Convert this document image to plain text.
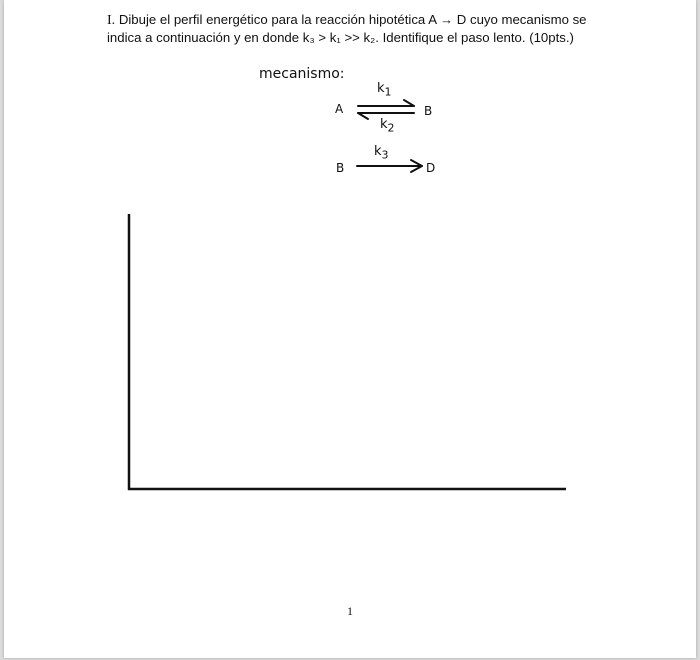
I. Dibuje el perfil energético para la reacción hipotética A → D cuyo mecanismo se
indica a continuación y en donde k₃ > k₁ >> k₂. Identifique el paso lento. (10pts.)
mecanismo:
A	B
$k_1$
$k_2$
B	D
$k_3$
1
